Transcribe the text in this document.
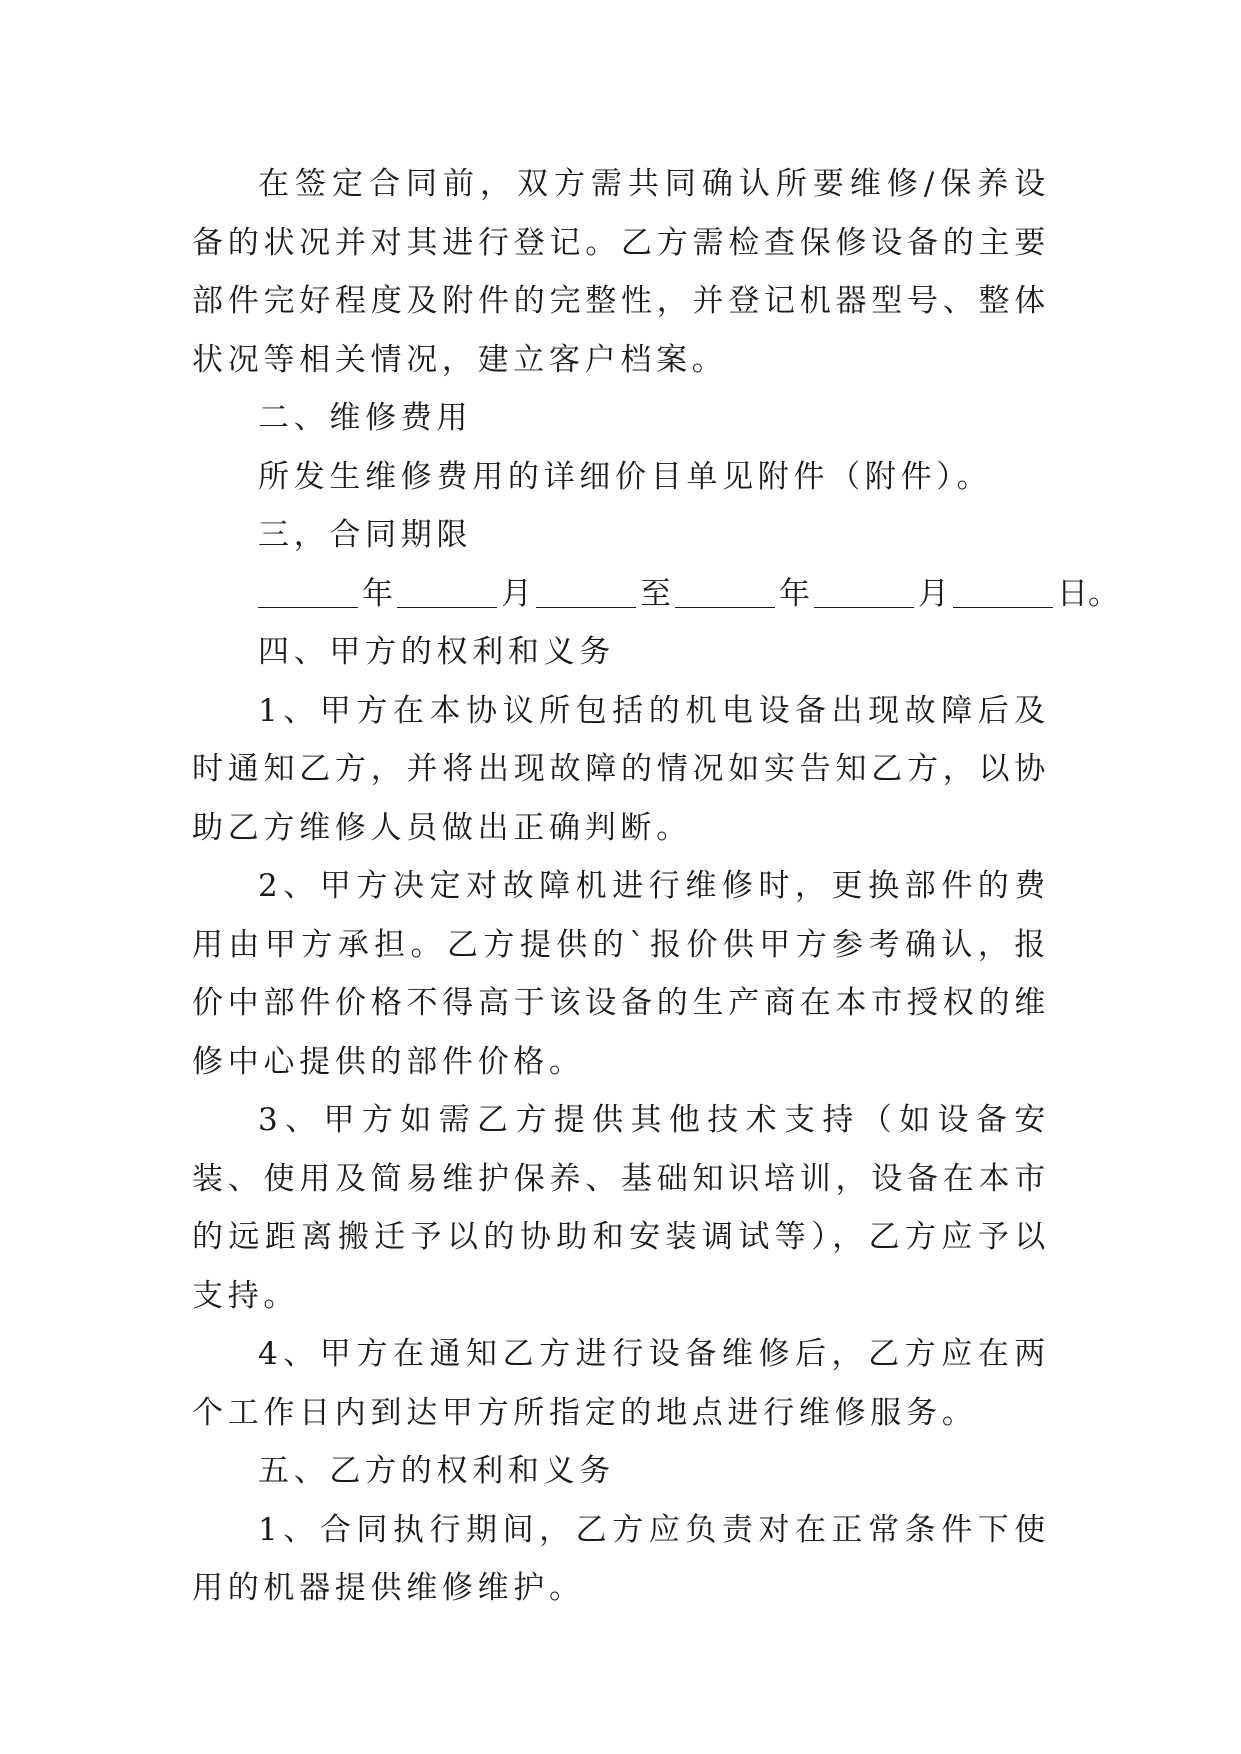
在签定合同前，双方需共同确认所要维修/保养设备的状况并对其进行登记。乙方需检查保修设备的主要部件完好程度及附件的完整性，并登记机器型号、整体状况等相关情况，建立客户档案。

二、维修费用

所发生维修费用的详细价目单见附件（附件）。

三，合同期限

年	月	至	年	月	日。

四、甲方的权利和义务

1、甲方在本协议所包括的机电设备出现故障后及时通知乙方，并将出现故障的情况如实告知乙方，以协助乙方维修人员做出正确判断。

2、甲方决定对故障机进行维修时，更换部件的费用由甲方承担。乙方提供的`报价供甲方参考确认，报价中部件价格不得高于该设备的生产商在本市授权的维修中心提供的部件价格。

3、甲方如需乙方提供其他技术支持（如设备安装、使用及简易维护保养、基础知识培训，设备在本市的远距离搬迁予以的协助和安装调试等），乙方应予以支持。

4、甲方在通知乙方进行设备维修后，乙方应在两个工作日内到达甲方所指定的地点进行维修服务。

五、乙方的权利和义务

1、合同执行期间，乙方应负责对在正常条件下使用的机器提供维修维护。
